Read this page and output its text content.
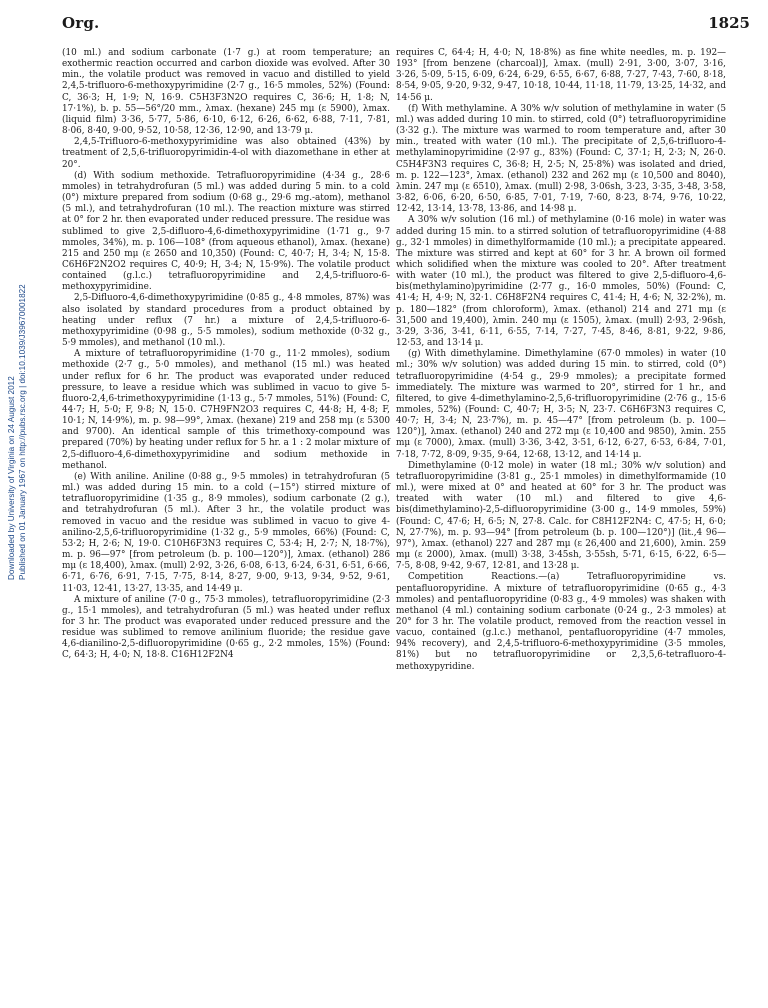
Org.	1825
Downloaded by University of Virginia on 24 August 2012 Published on 01 January 1967 on http://pubs.rsc.org | doi:10.1039/J39670001822

(10 ml.) and sodium carbonate (1·7 g.) at room temperature; an exothermic reaction occurred and carbon dioxide was evolved. After 30 min., the volatile product was removed in vacuo and distilled to yield 2,4,5-trifluoro-6-methoxypyrimidine (2·7 g., 16·5 mmoles, 52%) (Found: C, 36·3; H, 1·9; N, 16·9. C5H3F3N2O requires C, 36·6; H, 1·8; N, 17·1%), b. p. 55—56°/20 mm., λmax. (hexane) 245 mμ (ε 5900), λmax. (liquid film) 3·36, 5·77, 5·86, 6·10, 6·12, 6·26, 6·62, 6·88, 7·11, 7·81, 8·06, 8·40, 9·00, 9·52, 10·58, 12·36, 12·90, and 13·79 μ.

2,4,5-Trifluoro-6-methoxypyrimidine was also obtained (43%) by treatment of 2,5,6-trifluoropyrimidin-4-ol with diazomethane in ether at 20°.

(d) With sodium methoxide. Tetrafluoropyrimidine (4·34 g., 28·6 mmoles) in tetrahydrofuran (5 ml.) was added during 5 min. to a cold (0°) mixture prepared from sodium (0·68 g., 29·6 mg.-atom), methanol (5 ml.), and tetrahydrofuran (10 ml.). The reaction mixture was stirred at 0° for 2 hr. then evaporated under reduced pressure. The residue was sublimed to give 2,5-difluoro-4,6-dimethoxypyrimidine (1·71 g., 9·7 mmoles, 34%), m. p. 106—108° (from aqueous ethanol), λmax. (hexane) 215 and 250 mμ (ε 2650 and 10,350) (Found: C, 40·7; H, 3·4; N, 15·8. C6H6F2N2O2 requires C, 40·9; H, 3·4; N, 15·9%). The volatile product contained (g.l.c.) tetrafluoropyrimidine and 2,4,5-trifluoro-6-methoxypyrimidine.

2,5-Difluoro-4,6-dimethoxypyrimidine (0·85 g., 4·8 mmoles, 87%) was also isolated by standard procedures from a product obtained by heating under reflux (7 hr.) a mixture of 2,4,5-trifluoro-6-methoxypyrimidine (0·98 g., 5·5 mmoles), sodium methoxide (0·32 g., 5·9 mmoles), and methanol (10 ml.).

A mixture of tetrafluoropyrimidine (1·70 g., 11·2 mmoles), sodium methoxide (2·7 g., 5·0 mmoles), and methanol (15 ml.) was heated under reflux for 6 hr. The product was evaporated under reduced pressure, to leave a residue which was sublimed in vacuo to give 5-fluoro-2,4,6-trimethoxypyrimidine (1·13 g., 5·7 mmoles, 51%) (Found: C, 44·7; H, 5·0; F, 9·8; N, 15·0. C7H9FN2O3 requires C, 44·8; H, 4·8; F, 10·1; N, 14·9%), m. p. 98—99°, λmax. (hexane) 219 and 258 mμ (ε 5300 and 9700). An identical sample of this trimethoxy-compound was prepared (70%) by heating under reflux for 5 hr. a 1 : 2 molar mixture of 2,5-difluoro-4,6-dimethoxypyrimidine and sodium methoxide in methanol.

(e) With aniline. Aniline (0·88 g., 9·5 mmoles) in tetrahydrofuran (5 ml.) was added during 15 min. to a cold (−15°) stirred mixture of tetrafluoropyrimidine (1·35 g., 8·9 mmoles), sodium carbonate (2 g.), and tetrahydrofuran (5 ml.). After 3 hr., the volatile product was removed in vacuo and the residue was sublimed in vacuo to give 4-anilino-2,5,6-trifluoropyrimidine (1·32 g., 5·9 mmoles, 66%) (Found: C, 53·2; H, 2·6; N, 19·0. C10H6F3N3 requires C, 53·4; H, 2·7; N, 18·7%), m. p. 96—97° [from petroleum (b. p. 100—120°)], λmax. (ethanol) 286 mμ (ε 18,400), λmax. (mull) 2·92, 3·26, 6·08, 6·13, 6·24, 6·31, 6·51, 6·66, 6·71, 6·76, 6·91, 7·15, 7·75, 8·14, 8·27, 9·00, 9·13, 9·34, 9·52, 9·61, 11·03, 12·41, 13·27, 13·35, and 14·49 μ.

A mixture of aniline (7·0 g., 75·3 mmoles), tetrafluoropyrimidine (2·3 g., 15·1 mmoles), and tetrahydrofuran (5 ml.) was heated under reflux for 3 hr. The product was evaporated under reduced pressure and the residue was sublimed to remove anilinium fluoride; the residue gave 4,6-dianilino-2,5-difluoropyrimidine (0·65 g., 2·2 mmoles, 15%) (Found: C, 64·3; H, 4·0; N, 18·8. C16H12F2N4

requires C, 64·4; H, 4·0; N, 18·8%) as fine white needles, m. p. 192—193° [from benzene (charcoal)], λmax. (mull) 2·91, 3·00, 3·07, 3·16, 3·26, 5·09, 5·15, 6·09, 6·24, 6·29, 6·55, 6·67, 6·88, 7·27, 7·43, 7·60, 8·18, 8·54, 9·05, 9·20, 9·32, 9·47, 10·18, 10·44, 11·18, 11·79, 13·25, 14·32, and 14·56 μ.

(f) With methylamine. A 30% w/v solution of methylamine in water (5 ml.) was added during 10 min. to stirred, cold (0°) tetrafluoropyrimidine (3·32 g.). The mixture was warmed to room temperature and, after 30 min., treated with water (10 ml.). The precipitate of 2,5,6-trifluoro-4-methylaminopyrimidine (2·97 g., 83%) (Found: C, 37·1; H, 2·3; N, 26·0. C5H4F3N3 requires C, 36·8; H, 2·5; N, 25·8%) was isolated and dried, m. p. 122—123°, λmax. (ethanol) 232 and 262 mμ (ε 10,500 and 8040), λmin. 247 mμ (ε 6510), λmax. (mull) 2·98, 3·06sh, 3·23, 3·35, 3·48, 3·58, 3·82, 6·06, 6·20, 6·50, 6·85, 7·01, 7·19, 7·60, 8·23, 8·74, 9·76, 10·22, 12·42, 13·14, 13·78, 13·86, and 14·98 μ.

A 30% w/v solution (16 ml.) of methylamine (0·16 mole) in water was added during 15 min. to a stirred solution of tetrafluoropyrimidine (4·88 g., 32·1 mmoles) in dimethylformamide (10 ml.); a precipitate appeared. The mixture was stirred and kept at 60° for 3 hr. A brown oil formed which solidified when the mixture was cooled to 20°. After treatment with water (10 ml.), the product was filtered to give 2,5-difluoro-4,6-bis(methylamino)pyrimidine (2·77 g., 16·0 mmoles, 50%) (Found: C, 41·4; H, 4·9; N, 32·1. C6H8F2N4 requires C, 41·4; H, 4·6; N, 32·2%), m. p. 180—182° (from chloroform), λmax. (ethanol) 214 and 271 mμ (ε 31,500 and 19,400), λmin. 240 mμ (ε 1505), λmax. (mull) 2·93, 2·96sh, 3·29, 3·36, 3·41, 6·11, 6·55, 7·14, 7·27, 7·45, 8·46, 8·81, 9·22, 9·86, 12·53, and 13·14 μ.

(g) With dimethylamine. Dimethylamine (67·0 mmoles) in water (10 ml.; 30% w/v solution) was added during 15 min. to stirred, cold (0°) tetrafluoropyrimidine (4·54 g., 29·9 mmoles); a precipitate formed immediately. The mixture was warmed to 20°, stirred for 1 hr., and filtered, to give 4-dimethylamino-2,5,6-trifluoropyrimidine (2·76 g., 15·6 mmoles, 52%) (Found: C, 40·7; H, 3·5; N, 23·7. C6H6F3N3 requires C, 40·7; H, 3·4; N, 23·7%), m. p. 45—47° [from petroleum (b. p. 100—120°)], λmax. (ethanol) 240 and 272 mμ (ε 10,400 and 9850), λmin. 255 mμ (ε 7000), λmax. (mull) 3·36, 3·42, 3·51, 6·12, 6·27, 6·53, 6·84, 7·01, 7·18, 7·72, 8·09, 9·35, 9·64, 12·68, 13·12, and 14·14 μ.

Dimethylamine (0·12 mole) in water (18 ml.; 30% w/v solution) and tetrafluoropyrimidine (3·81 g., 25·1 mmoles) in dimethylformamide (10 ml.), were mixed at 0° and heated at 60° for 3 hr. The product was treated with water (10 ml.) and filtered to give 4,6-bis(dimethylamino)-2,5-difluoropyrimidine (3·00 g., 14·9 mmoles, 59%) (Found: C, 47·6; H, 6·5; N, 27·8. Calc. for C8H12F2N4: C, 47·5; H, 6·0; N, 27·7%), m. p. 93—94° [from petroleum (b. p. 100—120°)] (lit.,4 96—97°), λmax. (ethanol) 227 and 287 mμ (ε 26,400 and 21,600), λmin. 259 mμ (ε 2000), λmax. (mull) 3·38, 3·45sh, 3·55sh, 5·71, 6·15, 6·22, 6·5—7·5, 8·08, 9·42, 9·67, 12·81, and 13·28 μ.

Competition Reactions.—(a) Tetrafluoropyrimidine vs. pentafluoropyridine. A mixture of tetrafluoropyrimidine (0·65 g., 4·3 mmoles) and pentafluoropyridine (0·83 g., 4·9 mmoles) was shaken with methanol (4 ml.) containing sodium carbonate (0·24 g., 2·3 mmoles) at 20° for 3 hr. The volatile product, removed from the reaction vessel in vacuo, contained (g.l.c.) methanol, pentafluoropyridine (4·7 mmoles, 94% recovery), and 2,4,5-trifluoro-6-methoxypyrimidine (3·5 mmoles, 81%) but no tetrafluoropyrimidine or 2,3,5,6-tetrafluoro-4-methoxypyridine.
